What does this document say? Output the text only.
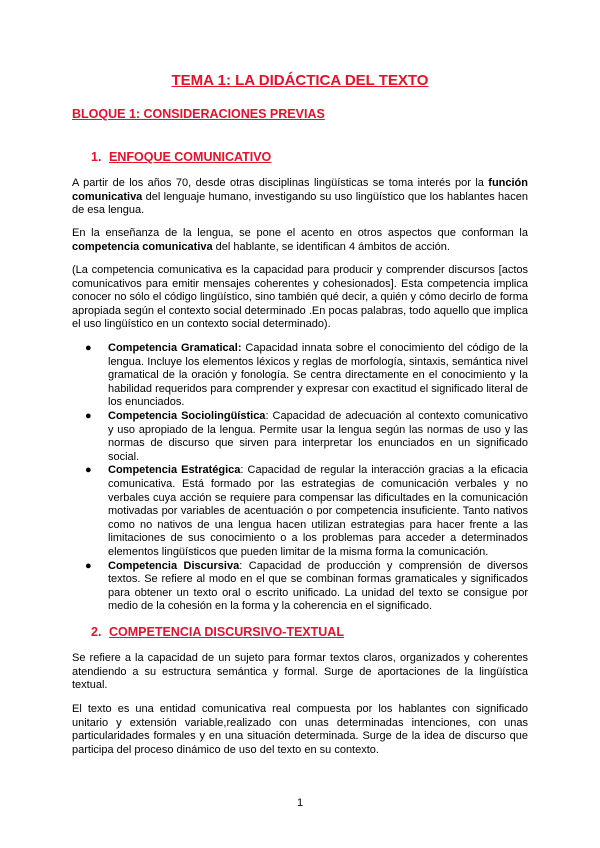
TEMA 1: LA DIDÁCTICA DEL TEXTO
BLOQUE 1: CONSIDERACIONES PREVIAS
1. ENFOQUE COMUNICATIVO

A partir de los años 70, desde otras disciplinas lingüísticas se toma interés por la función comunicativa del lenguaje humano, investigando su uso lingüístico que los hablantes hacen de esa lengua.

En la enseñanza de la lengua, se pone el acento en otros aspectos que conforman la competencia comunicativa del hablante, se identifican 4 ámbitos de acción.

(La competencia comunicativa es la capacidad para producir y comprender discursos [actos comunicativos para emitir mensajes coherentes y cohesionados]. Esta competencia implica conocer no sólo el código lingüístico, sino también qué decir, a quién y cómo decirlo de forma apropiada según el contexto social determinado .En pocas palabras, todo aquello que implica el uso lingüístico en un contexto social determinado).

● Competencia Gramatical: Capacidad innata sobre el conocimiento del código de la lengua. Incluye los elementos léxicos y reglas de morfología, sintaxis, semántica nivel gramatical de la oración y fonología. Se centra directamente en el conocimiento y la habilidad requeridos para comprender y expresar con exactitud el significado literal de los enunciados.
● Competencia Sociolingüística: Capacidad de adecuación al contexto comunicativo y uso apropiado de la lengua. Permite usar la lengua según las normas de uso y las normas de discurso que sirven para interpretar los enunciados en un significado social.
● Competencia Estratégica: Capacidad de regular la interacción gracias a la eficacia comunicativa. Está formado por las estrategias de comunicación verbales y no verbales cuya acción se requiere para compensar las dificultades en la comunicación motivadas por variables de acentuación o por competencia insuficiente. Tanto nativos como no nativos de una lengua hacen utilizan estrategias para hacer frente a las limitaciones de sus conocimiento o a los problemas para acceder a determinados elementos lingüísticos que pueden limitar de la misma forma la comunicación.
● Competencia Discursiva: Capacidad de producción y comprensión de diversos textos. Se refiere al modo en el que se combinan formas gramaticales y significados para obtener un texto oral o escrito unificado. La unidad del texto se consigue por medio de la cohesión en la forma y la coherencia en el significado.
2. COMPETENCIA DISCURSIVO-TEXTUAL

Se refiere a la capacidad de un sujeto para formar textos claros, organizados y coherentes atendiendo a su estructura semántica y formal. Surge de aportaciones de la lingüística textual.

El texto es una entidad comunicativa real compuesta por los hablantes con significado unitario y extensión variable,realizado con unas determinadas intenciones, con unas particularidades formales y en una situación determinada. Surge de la idea de discurso que participa del proceso dinámico de uso del texto en su contexto.

1
